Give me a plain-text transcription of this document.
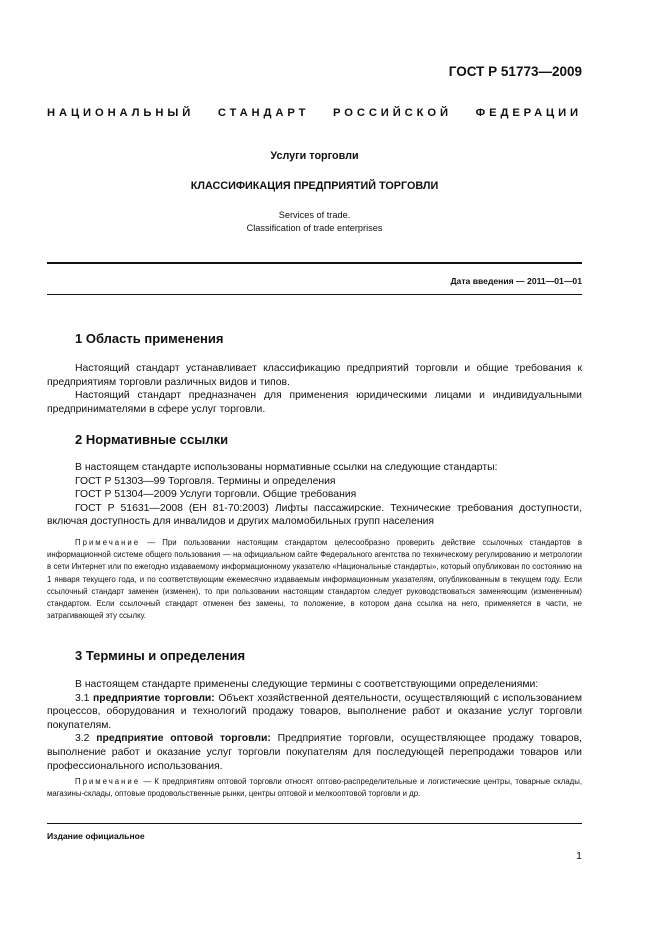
ГОСТ Р 51773—2009
НАЦИОНАЛЬНЫЙ СТАНДАРТ РОССИЙСКОЙ ФЕДЕРАЦИИ
Услуги торговли
КЛАССИФИКАЦИЯ ПРЕДПРИЯТИЙ ТОРГОВЛИ
Services of trade.
Classification of trade enterprises
Дата введения — 2011—01—01
1 Область применения

Настоящий стандарт устанавливает классификацию предприятий торговли и общие требования к предприятиям торговли различных видов и типов.

Настоящий стандарт предназначен для применения юридическими лицами и индивидуальными предпринимателями в сфере услуг торговли.

2 Нормативные ссылки

В настоящем стандарте использованы нормативные ссылки на следующие стандарты:

ГОСТ Р 51303—99 Торговля. Термины и определения

ГОСТ Р 51304—2009 Услуги торговли. Общие требования

ГОСТ Р 51631—2008 (ЕН 81-70:2003) Лифты пассажирские. Технические требования доступности, включая доступность для инвалидов и других маломобильных групп населения

Примечание — При пользовании настоящим стандартом целесообразно проверить действие ссылочных стандартов в информационной системе общего пользования — на официальном сайте Федерального агентства по техническому регулированию и метрологии в сети Интернет или по ежегодно издаваемому информационному указателю «Национальные стандарты», который опубликован по состоянию на 1 января текущего года, и по соответствующим ежемесячно издаваемым информационным указателям, опубликованным в текущем году. Если ссылочный стандарт заменен (изменен), то при пользовании настоящим стандартом следует руководствоваться заменяющим (измененным) стандартом. Если ссылочный стандарт отменен без замены, то положение, в котором дана ссылка на него, применяется в части, не затрагивающей эту ссылку.

3 Термины и определения

В настоящем стандарте применены следующие термины с соответствующими определениями:

3.1 предприятие торговли: Объект хозяйственной деятельности, осуществляющий с использованием процессов, оборудования и технологий продажу товаров, выполнение работ и оказание услуг торговли покупателям.

3.2 предприятие оптовой торговли: Предприятие торговли, осуществляющее продажу товаров, выполнение работ и оказание услуг торговли покупателям для последующей перепродажи товаров или профессионального использования.

Примечание — К предприятиям оптовой торговли относят оптово-распределительные и логистические центры, товарные склады, магазины-склады, оптовые продовольственные рынки, центры оптовой и мелкооптовой торговли и др.

Издание официальное
1
